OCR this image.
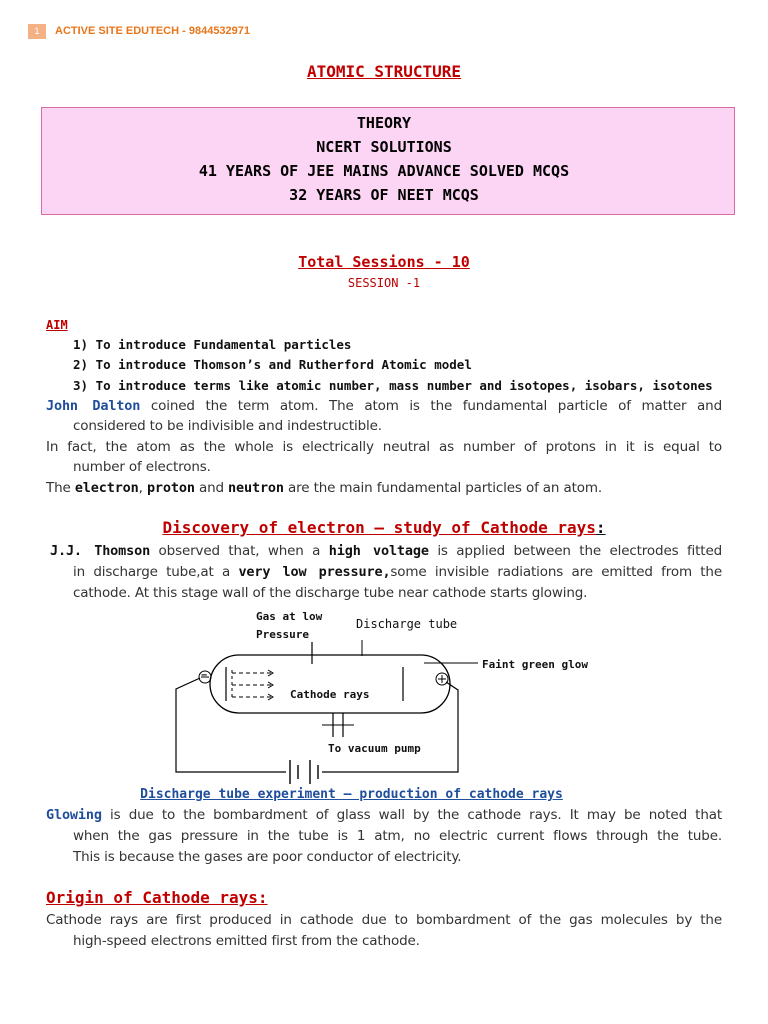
1	ACTIVE SITE EDUTECH - 9844532971
ATOMIC STRUCTURE
THEORY
NCERT SOLUTIONS
41 YEARS OF JEE MAINS ADVANCE SOLVED MCQS
32 YEARS OF NEET MCQS
Total Sessions - 10
SESSION -1
AIM
1) To introduce Fundamental particles
2) To introduce Thomson’s and Rutherford Atomic model
3) To introduce terms like atomic number, mass number and isotopes, isobars, isotones
John Dalton coined the term atom. The atom is the fundamental particle of matter and
considered to be indivisible and indestructible.
In fact, the atom as the whole is electrically neutral as number of protons in it is equal to
number of electrons.
The electron, proton and neutron are the main fundamental particles of an atom.
Discovery of electron – study of Cathode rays:
J.J. Thomson observed that, when a high voltage is applied between the electrodes fitted
in discharge tube,at a very low pressure,some invisible radiations are emitted from the
cathode. At this stage wall of the discharge tube near cathode starts glowing.
Gas at low
Pressure
Discharge tube
Faint green glow
Cathode rays
To vacuum pump
−
Discharge tube experiment – production of cathode rays
Glowing is due to the bombardment of glass wall by the cathode rays. It may be noted that
when the gas pressure in the tube is 1 atm, no electric current flows through the tube.
This is because the gases are poor conductor of electricity.
Origin of Cathode rays:
Cathode rays are first produced in cathode due to bombardment of the gas molecules by the
high-speed electrons emitted first from the cathode.
